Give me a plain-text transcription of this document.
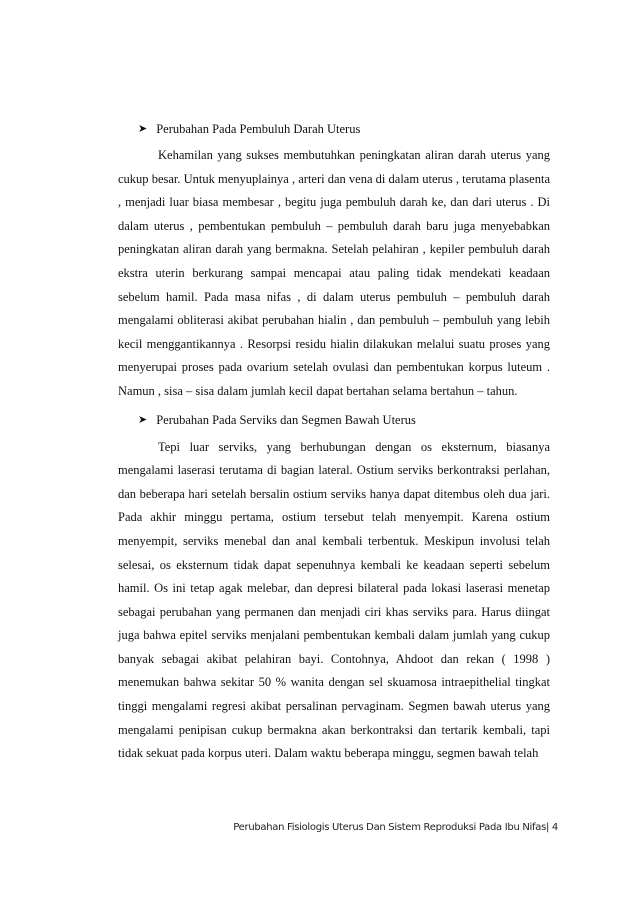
➤ Perubahan Pada Pembuluh Darah Uterus

Kehamilan yang sukses membutuhkan peningkatan aliran darah uterus yang cukup besar. Untuk menyuplainya , arteri dan vena di dalam uterus , terutama plasenta , menjadi luar biasa membesar , begitu juga pembuluh darah ke, dan dari uterus . Di dalam uterus , pembentukan pembuluh – pembuluh darah baru juga menyebabkan peningkatan aliran darah yang bermakna. Setelah pelahiran , kepiler pembuluh darah ekstra uterin berkurang sampai mencapai atau paling tidak mendekati keadaan sebelum hamil. Pada masa nifas , di dalam uterus pembuluh – pembuluh darah mengalami obliterasi akibat perubahan hialin , dan pembuluh – pembuluh yang lebih kecil menggantikannya . Resorpsi residu hialin dilakukan melalui suatu proses yang menyerupai proses pada ovarium setelah ovulasi dan pembentukan korpus luteum . Namun , sisa – sisa dalam jumlah kecil dapat bertahan selama bertahun – tahun.

➤ Perubahan Pada Serviks dan Segmen Bawah Uterus

Tepi luar serviks, yang berhubungan dengan os eksternum, biasanya mengalami laserasi terutama di bagian lateral. Ostium serviks berkontraksi perlahan, dan beberapa hari setelah bersalin ostium serviks hanya dapat ditembus oleh dua jari. Pada akhir minggu pertama, ostium tersebut telah menyempit. Karena ostium menyempit, serviks menebal dan anal kembali terbentuk. Meskipun involusi telah selesai, os eksternum tidak dapat sepenuhnya kembali ke keadaan seperti sebelum hamil. Os ini tetap agak melebar, dan depresi bilateral pada lokasi laserasi menetap sebagai perubahan yang permanen dan menjadi ciri khas serviks para. Harus diingat juga bahwa epitel serviks menjalani pembentukan kembali dalam jumlah yang cukup banyak sebagai akibat pelahiran bayi. Contohnya, Ahdoot dan rekan ( 1998 ) menemukan bahwa sekitar 50 % wanita dengan sel skuamosa intraepithelial tingkat tinggi mengalami regresi akibat persalinan pervaginam. Segmen bawah uterus yang mengalami penipisan cukup bermakna akan berkontraksi dan tertarik kembali, tapi tidak sekuat pada korpus uteri. Dalam waktu beberapa minggu, segmen bawah telah

Perubahan Fisiologis Uterus Dan Sistem Reproduksi Pada Ibu Nifas| 4
